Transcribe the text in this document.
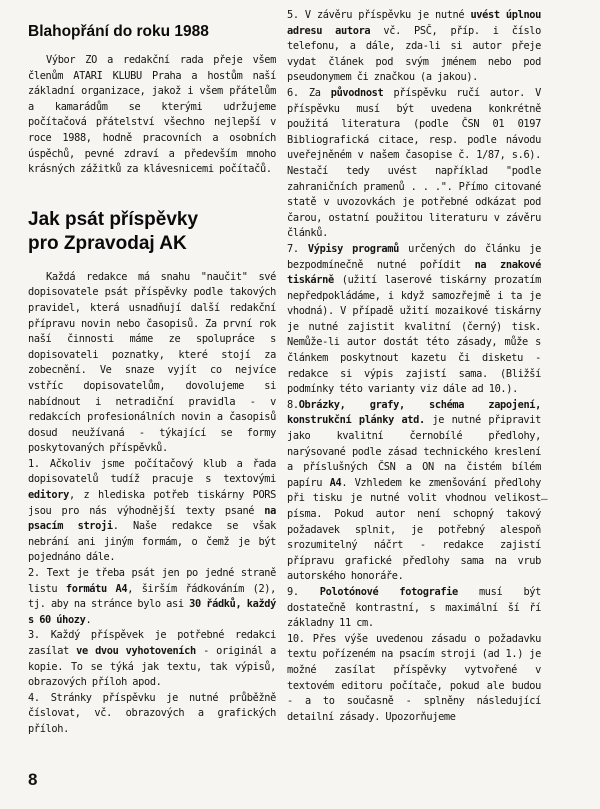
Blahopřání do roku 1988

Výbor ZO a redakční rada přeje všem členům ATARI KLUBU Praha a hostům naší základní organizace, jakož i všem přátelům a kamarádům se kterými udržujeme počítačová přátelství všechno nejlepší v roce 1988, hodně pracovních a osobních úspěchů, pevné zdraví a především mnoho krásných zážitků za klávesnicemi počítačů.

Jak psát příspěvky
pro Zpravodaj AK

Každá redakce má snahu "naučit" své dopisovatele psát příspěvky podle takových pravidel, která usnadňují další redakční přípravu novin nebo časopisů. Za první rok naší činnosti máme ze spolupráce s dopisovateli poznatky, které stojí za zobecnění. Ve snaze vyjít co nejvíce vstříc dopisovatelům, dovolujeme si nabídnout i netradiční pravidla - v redakcích profesionálních novin a časopisů dosud neužívaná - týkající se formy poskytovaných příspěvků.

1. Ačkoliv jsme počítačový klub a řada dopisovatelů tudíž pracuje s textovými editory, z hlediska potřeb tiskárny PORS jsou pro nás výhodnější texty psané na psacím stroji. Naše redakce se však nebrání ani jiným formám, o čemž je být pojednáno dále.

2. Text je třeba psát jen po jedné straně listu formátu A4, širším řádkováním (2), tj. aby na stránce bylo asi 30 řádků, každý s 60 úhozy.

3. Každý příspěvek je potřebné redakci zasílat ve dvou vyhotoveních - originál a kopie. To se týká jak textu, tak výpisů, obrazových příloh apod.

4. Stránky příspěvku je nutné průběžně číslovat, vč. obrazových a grafických příloh.

5. V závěru příspěvku je nutné uvést úplnou adresu autora vč. PSČ, příp. i číslo telefonu, a dále, zda-li si autor přeje vydat článek pod svým jménem nebo pod pseudonymem či značkou (a jakou).

6. Za původnost příspěvku ručí autor. V příspěvku musí být uvedena konkrétně použitá literatura (podle ČSN 01 0197 Bibliografická citace, resp. podle návodu uveřejněném v našem časopise č. 1/87, s.6). Nestačí tedy uvést například "podle zahraničních pramenů . . .". Přímo citované statě v uvozovkách je potřebné odkázat pod čarou, ostatní použitou literaturu v závěru článků.

7. Výpisy programů určených do článku je bezpodmínečně nutné pořídit na znakové tiskárně (užití laserové tiskárny prozatím nepředpokládáme, i když samozřejmě i ta je vhodná). V případě užití mozaikové tiskárny je nutné zajistit kvalitní (černý) tisk. Nemůže-li autor dostát této zásady, může s článkem poskytnout kazetu či disketu - redakce si výpis zajistí sama. (Bližší podmínky této varianty viz dále ad 10.).

8.Obrázky, grafy, schéma zapojení, konstrukční plánky atd. je nutné připravit jako kvalitní černobílé předlohy, narýsované podle zásad technického kreslení a příslušných ČSN a ON na čistém bílém papíru A4. Vzhledem ke zmenšování předlohy při tisku je nutné volit vhodnou velikost písma. Pokud autor není schopný takový požadavek splnit, je potřebný alespoň srozumitelný náčrt - redakce zajistí přípravu grafické předlohy sama na vrub autorského honoráře.

9. Polotónové fotografie musí být dostatečně kontrastní, s maximální ší ří základny 11 cm.

10. Přes výše uvedenou zásadu o požadavku textu pořízeném na psacím stroji (ad 1.) je možné zasílat příspěvky vytvořené v textovém editoru počítače, pokud ale budou - a to současně - splněny následující detailní zásady. Upozorňujeme

–
8
